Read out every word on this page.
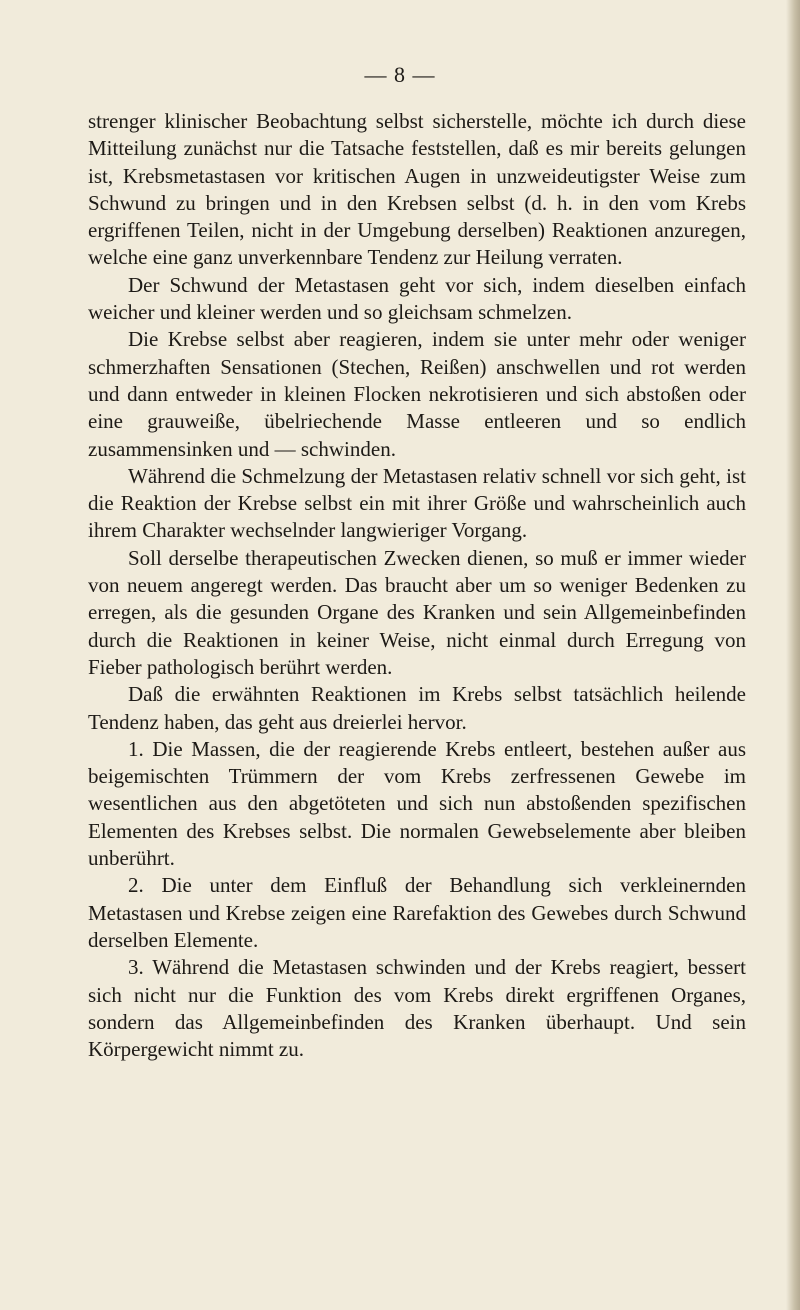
— 8 —

strenger klinischer Beobachtung selbst sicherstelle, möchte ich durch diese Mitteilung zunächst nur die Tatsache feststellen, daß es mir bereits gelungen ist, Krebsmetastasen vor kritischen Augen in unzweideutigster Weise zum Schwund zu bringen und in den Krebsen selbst (d. h. in den vom Krebs ergriffenen Teilen, nicht in der Umgebung derselben) Reaktionen anzuregen, welche eine ganz unverkennbare Tendenz zur Heilung verraten.

Der Schwund der Metastasen geht vor sich, indem dieselben einfach weicher und kleiner werden und so gleichsam schmelzen.

Die Krebse selbst aber reagieren, indem sie unter mehr oder weniger schmerzhaften Sensationen (Stechen, Reißen) anschwellen und rot werden und dann entweder in kleinen Flocken nekrotisieren und sich abstoßen oder eine grauweiße, übelriechende Masse entleeren und so endlich zusammensinken und — schwinden.

Während die Schmelzung der Metastasen relativ schnell vor sich geht, ist die Reaktion der Krebse selbst ein mit ihrer Größe und wahrscheinlich auch ihrem Charakter wechselnder langwieriger Vorgang.

Soll derselbe therapeutischen Zwecken dienen, so muß er immer wieder von neuem angeregt werden. Das braucht aber um so weniger Bedenken zu erregen, als die gesunden Organe des Kranken und sein Allgemeinbefinden durch die Reaktionen in keiner Weise, nicht einmal durch Erregung von Fieber pathologisch berührt werden.

Daß die erwähnten Reaktionen im Krebs selbst tatsächlich heilende Tendenz haben, das geht aus dreierlei hervor.

1. Die Massen, die der reagierende Krebs entleert, bestehen außer aus beigemischten Trümmern der vom Krebs zerfressenen Gewebe im wesentlichen aus den abgetöteten und sich nun abstoßenden spezifischen Elementen des Krebses selbst. Die normalen Gewebselemente aber bleiben unberührt.

2. Die unter dem Einfluß der Behandlung sich verkleinernden Metastasen und Krebse zeigen eine Rarefaktion des Gewebes durch Schwund derselben Elemente.

3. Während die Metastasen schwinden und der Krebs reagiert, bessert sich nicht nur die Funktion des vom Krebs direkt ergriffenen Organes, sondern das Allgemeinbefinden des Kranken überhaupt. Und sein Körpergewicht nimmt zu.
